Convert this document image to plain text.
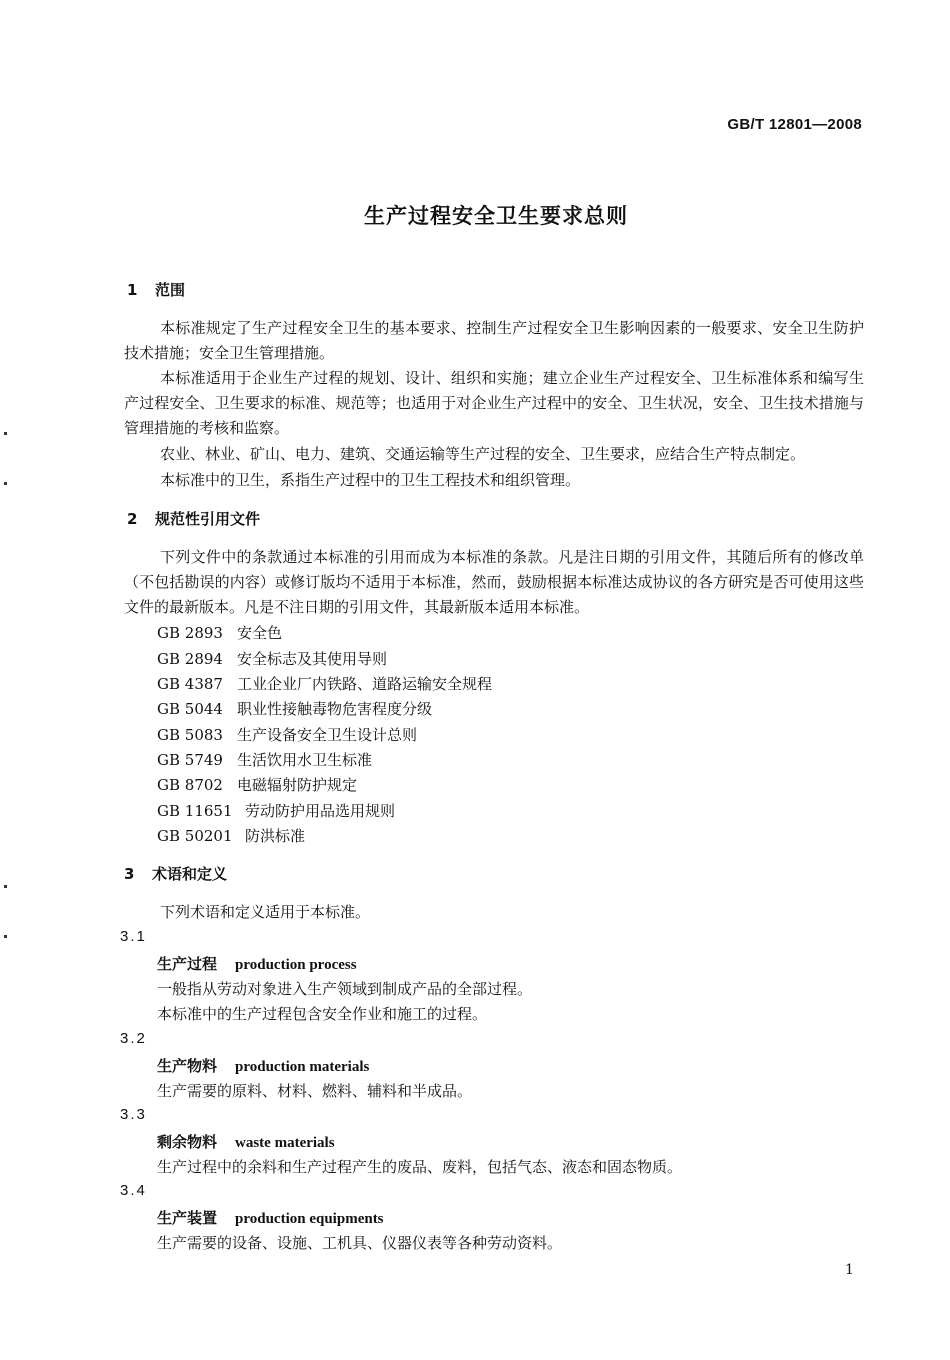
GB/T 12801—2008
生产过程安全卫生要求总则
1 范围
本标准规定了生产过程安全卫生的基本要求、控制生产过程安全卫生影响因素的一般要求、安全卫生防护技术措施；安全卫生管理措施。
本标准适用于企业生产过程的规划、设计、组织和实施；建立企业生产过程安全、卫生标准体系和编写生产过程安全、卫生要求的标准、规范等；也适用于对企业生产过程中的安全、卫生状况，安全、卫生技术措施与管理措施的考核和监察。
农业、林业、矿山、电力、建筑、交通运输等生产过程的安全、卫生要求，应结合生产特点制定。
本标准中的卫生，系指生产过程中的卫生工程技术和组织管理。
2 规范性引用文件
下列文件中的条款通过本标准的引用而成为本标准的条款。凡是注日期的引用文件，其随后所有的修改单（不包括勘误的内容）或修订版均不适用于本标准，然而，鼓励根据本标准达成协议的各方研究是否可使用这些文件的最新版本。凡是不注日期的引用文件，其最新版本适用本标准。
GB 2893 安全色
GB 2894 安全标志及其使用导则
GB 4387 工业企业厂内铁路、道路运输安全规程
GB 5044 职业性接触毒物危害程度分级
GB 5083 生产设备安全卫生设计总则
GB 5749 生活饮用水卫生标准
GB 8702 电磁辐射防护规定
GB 11651 劳动防护用品选用规则
GB 50201 防洪标准
3 术语和定义
下列术语和定义适用于本标准。
3.1
生产过程 production process
一般指从劳动对象进入生产领域到制成产品的全部过程。
本标准中的生产过程包含安全作业和施工的过程。
3.2
生产物料 production materials
生产需要的原料、材料、燃料、辅料和半成品。
3.3
剩余物料 waste materials
生产过程中的余料和生产过程产生的废品、废料，包括气态、液态和固态物质。
3.4
生产装置 production equipments
生产需要的设备、设施、工机具、仪器仪表等各种劳动资料。
1
